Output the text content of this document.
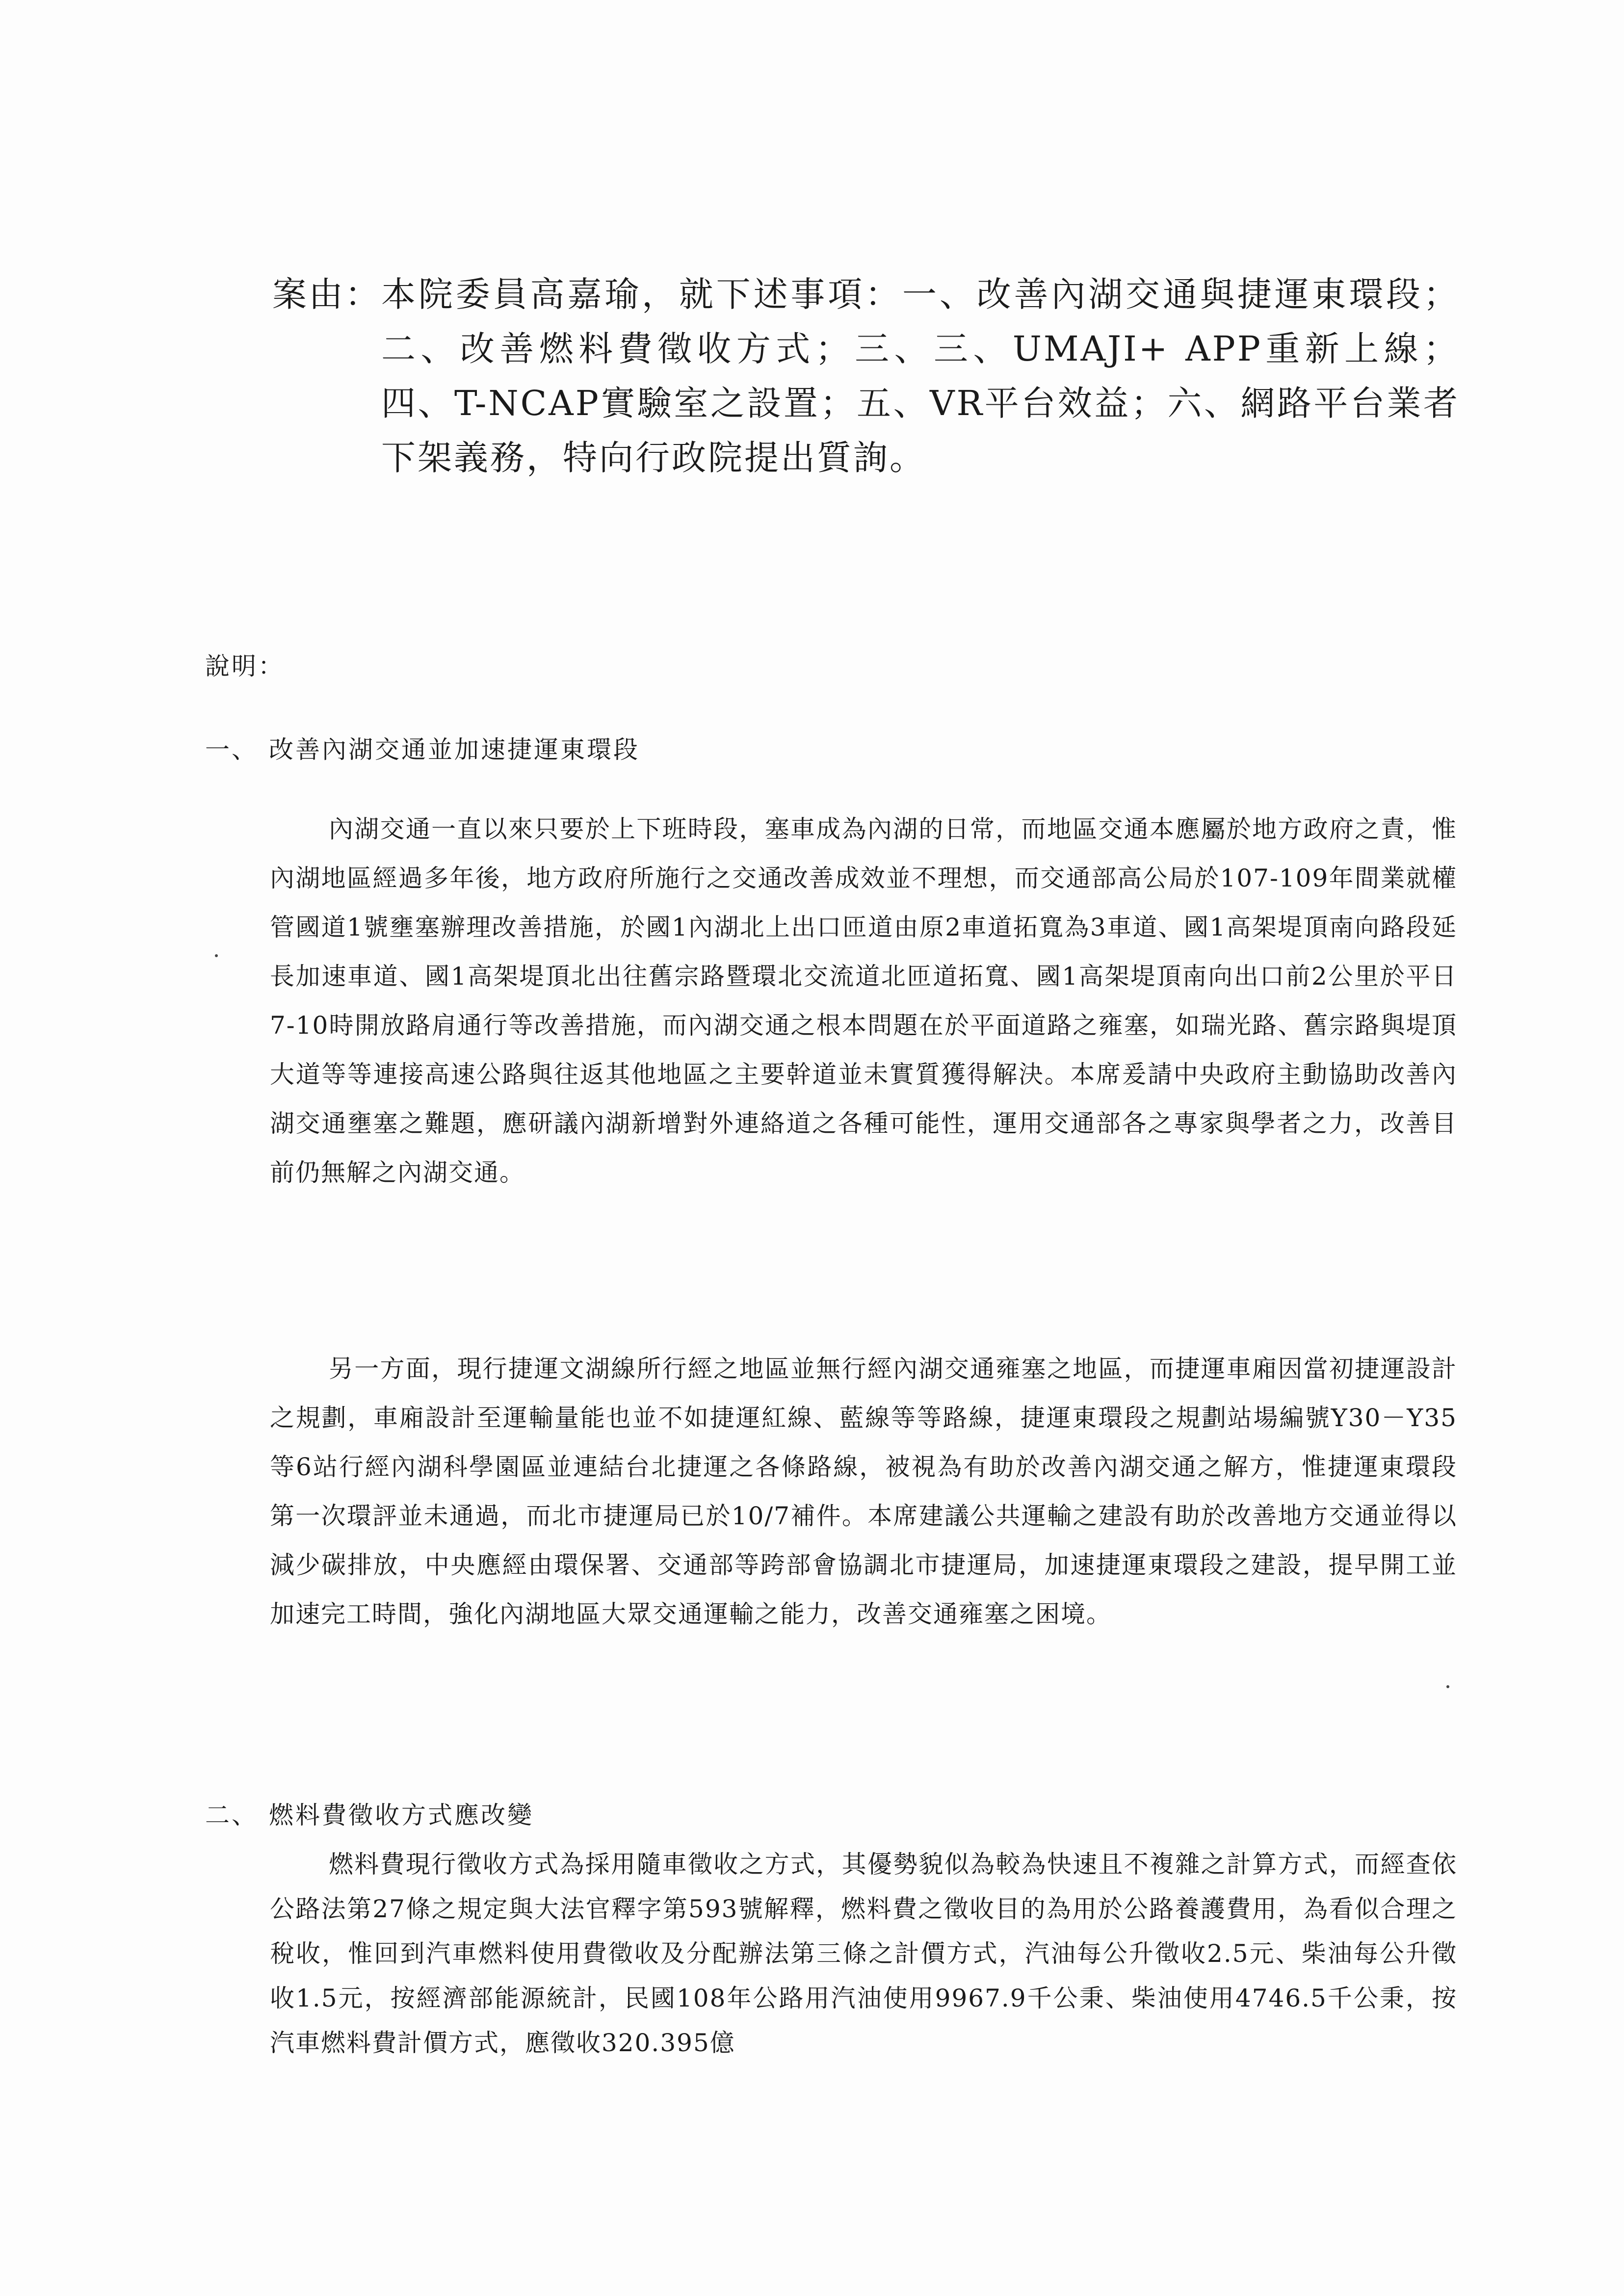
案由： 本院委員高嘉瑜，就下述事項：一、改善內湖交通與捷運東環段；二、改善燃料費徵收方式；三、三、UMAJI+ APP重新上線；四、T-NCAP實驗室之設置；五、VR平台效益；六、網路平台業者下架義務，特向行政院提出質詢。
說明：
一、 改善內湖交通並加速捷運東環段

內湖交通一直以來只要於上下班時段，塞車成為內湖的日常，而地區交通本應屬於地方政府之責，惟內湖地區經過多年後，地方政府所施行之交通改善成效並不理想，而交通部高公局於107-109年間業就權管國道1號壅塞辦理改善措施，於國1內湖北上出口匝道由原2車道拓寬為3車道、國1高架堤頂南向路段延長加速車道、國1高架堤頂北出往舊宗路暨環北交流道北匝道拓寬、國1高架堤頂南向出口前2公里於平日7-10時開放路肩通行等改善措施，而內湖交通之根本問題在於平面道路之雍塞，如瑞光路、舊宗路與堤頂大道等等連接高速公路與往返其他地區之主要幹道並未實質獲得解決。本席爰請中央政府主動協助改善內湖交通壅塞之難題，應研議內湖新增對外連絡道之各種可能性，運用交通部各之專家與學者之力，改善目前仍無解之內湖交通。

另一方面，現行捷運文湖線所行經之地區並無行經內湖交通雍塞之地區，而捷運車廂因當初捷運設計之規劃，車廂設計至運輸量能也並不如捷運紅線、藍線等等路線，捷運東環段之規劃站場編號Y30－Y35等6站行經內湖科學園區並連結台北捷運之各條路線，被視為有助於改善內湖交通之解方，惟捷運東環段第一次環評並未通過，而北市捷運局已於10/7補件。本席建議公共運輸之建設有助於改善地方交通並得以減少碳排放，中央應經由環保署、交通部等跨部會協調北市捷運局，加速捷運東環段之建設，提早開工並加速完工時間，強化內湖地區大眾交通運輸之能力，改善交通雍塞之困境。

二、 燃料費徵收方式應改變

燃料費現行徵收方式為採用隨車徵收之方式，其優勢貌似為較為快速且不複雜之計算方式，而經查依公路法第27條之規定與大法官釋字第593號解釋，燃料費之徵收目的為用於公路養護費用，為看似合理之稅收，惟回到汽車燃料使用費徵收及分配辦法第三條之計價方式，汽油每公升徵收2.5元、柴油每公升徵收1.5元，按經濟部能源統計，民國108年公路用汽油使用9967.9千公秉、柴油使用4746.5千公秉，按汽車燃料費計價方式，應徵收320.395億
